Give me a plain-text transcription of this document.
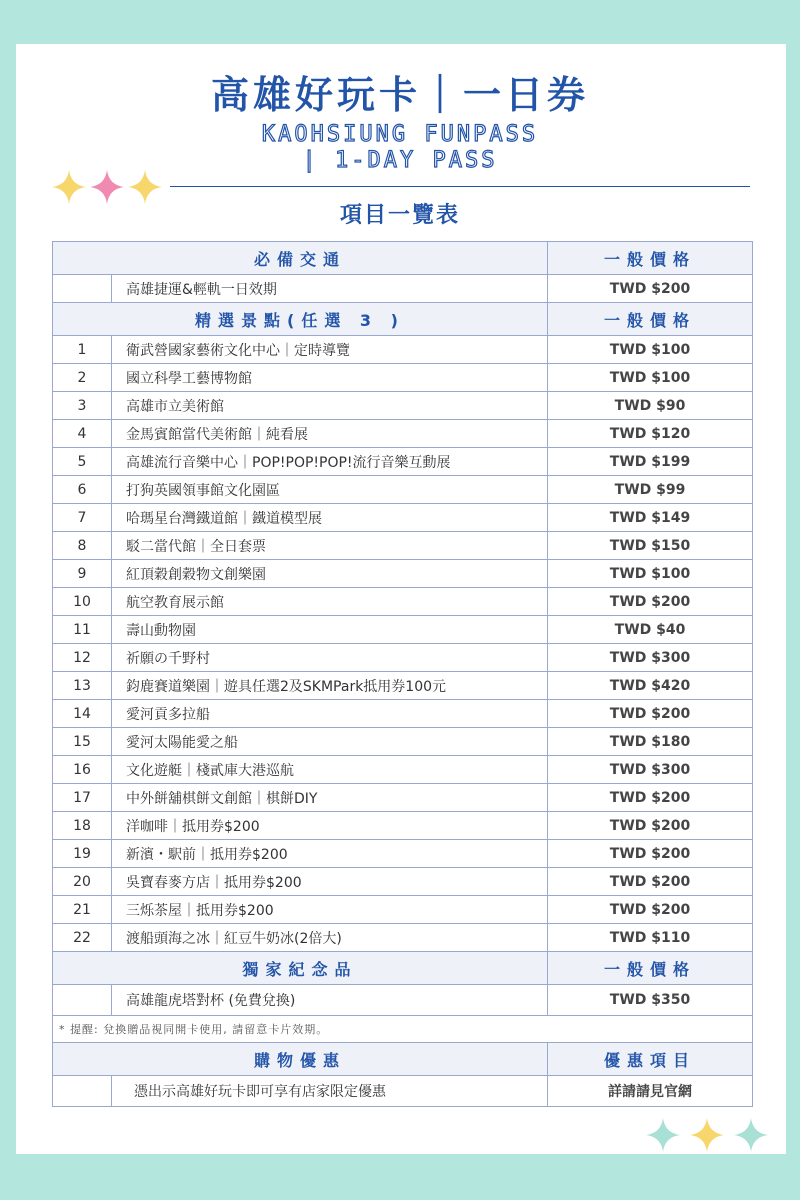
高雄好玩卡｜一日券
KAOHSIUNG FUNPASS
| 1-DAY PASS
項目一覽表
必備交通		一般價格
	高雄捷運&輕軌一日效期	TWD $200
精選景點(任選 3 )		一般價格
1	衛武營國家藝術文化中心｜定時導覽	TWD $100
2	國立科學工藝博物館	TWD $100
3	高雄市立美術館	TWD $90
4	金馬賓館當代美術館｜純看展	TWD $120
5	高雄流行音樂中心｜POP!POP!POP!流行音樂互動展	TWD $199
6	打狗英國領事館文化園區	TWD $99
7	哈瑪星台灣鐵道館｜鐵道模型展	TWD $149
8	駁二當代館｜全日套票	TWD $150
9	紅頂穀創穀物文創樂園	TWD $100
10	航空教育展示館	TWD $200
11	壽山動物園	TWD $40
12	祈願の千野村	TWD $300
13	鈞鹿賽道樂園｜遊具任選2及SKMPark抵用券100元	TWD $420
14	愛河貢多拉船	TWD $200
15	愛河太陽能愛之船	TWD $180
16	文化遊艇｜棧貳庫大港巡航	TWD $300
17	中外餅舖棋餅文創館｜棋餅DIY	TWD $200
18	洋咖啡｜抵用券$200	TWD $200
19	新濱・駅前｜抵用券$200	TWD $200
20	吳寶春麥方店｜抵用券$200	TWD $200
21	三烁茶屋｜抵用券$200	TWD $200
22	渡船頭海之冰｜紅豆牛奶冰(2倍大)	TWD $110
獨家紀念品		一般價格
	高雄龍虎塔對杯 (免費兌換)	TWD $350
* 提醒: 兌換贈品視同開卡使用, 請留意卡片效期。		
購物優惠		優惠項目
	憑出示高雄好玩卡即可享有店家限定優惠	詳請請見官網
